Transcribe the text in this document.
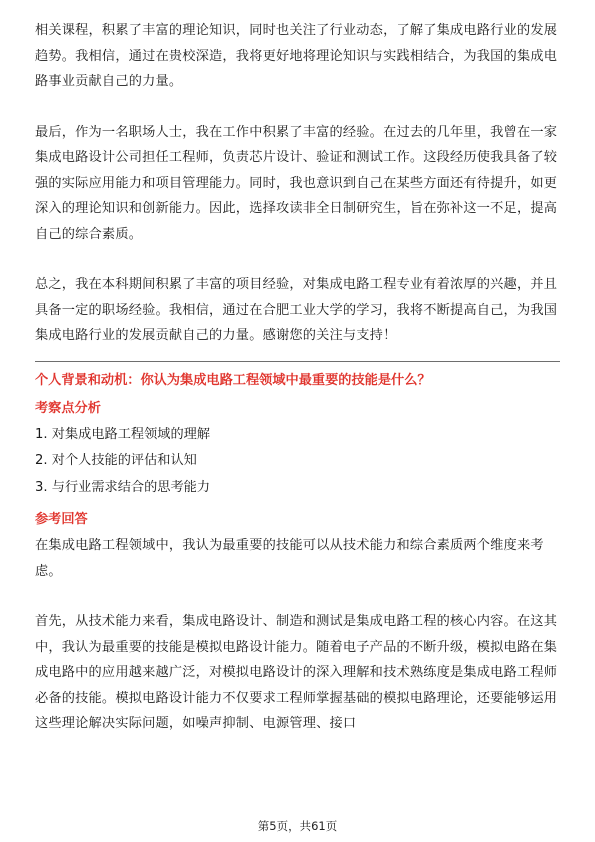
相关课程，积累了丰富的理论知识，同时也关注了行业动态，了解了集成电路行业的发展趋势。我相信，通过在贵校深造，我将更好地将理论知识与实践相结合，为我国的集成电路事业贡献自己的力量。

最后，作为一名职场人士，我在工作中积累了丰富的经验。在过去的几年里，我曾在一家集成电路设计公司担任工程师，负责芯片设计、验证和测试工作。这段经历使我具备了较强的实际应用能力和项目管理能力。同时，我也意识到自己在某些方面还有待提升，如更深入的理论知识和创新能力。因此，选择攻读非全日制研究生，旨在弥补这一不足，提高自己的综合素质。

总之，我在本科期间积累了丰富的项目经验，对集成电路工程专业有着浓厚的兴趣，并且具备一定的职场经验。我相信，通过在合肥工业大学的学习，我将不断提高自己，为我国集成电路行业的发展贡献自己的力量。感谢您的关注与支持！

个人背景和动机：你认为集成电路工程领域中最重要的技能是什么？

考察点分析

1. 对集成电路工程领域的理解

2. 对个人技能的评估和认知

3. 与行业需求结合的思考能力

参考回答

在集成电路工程领域中，我认为最重要的技能可以从技术能力和综合素质两个维度来考虑。

首先，从技术能力来看，集成电路设计、制造和测试是集成电路工程的核心内容。在这其中，我认为最重要的技能是模拟电路设计能力。随着电子产品的不断升级，模拟电路在集成电路中的应用越来越广泛，对模拟电路设计的深入理解和技术熟练度是集成电路工程师必备的技能。模拟电路设计能力不仅要求工程师掌握基础的模拟电路理论，还要能够运用这些理论解决实际问题，如噪声抑制、电源管理、接口

第5页，共61页
